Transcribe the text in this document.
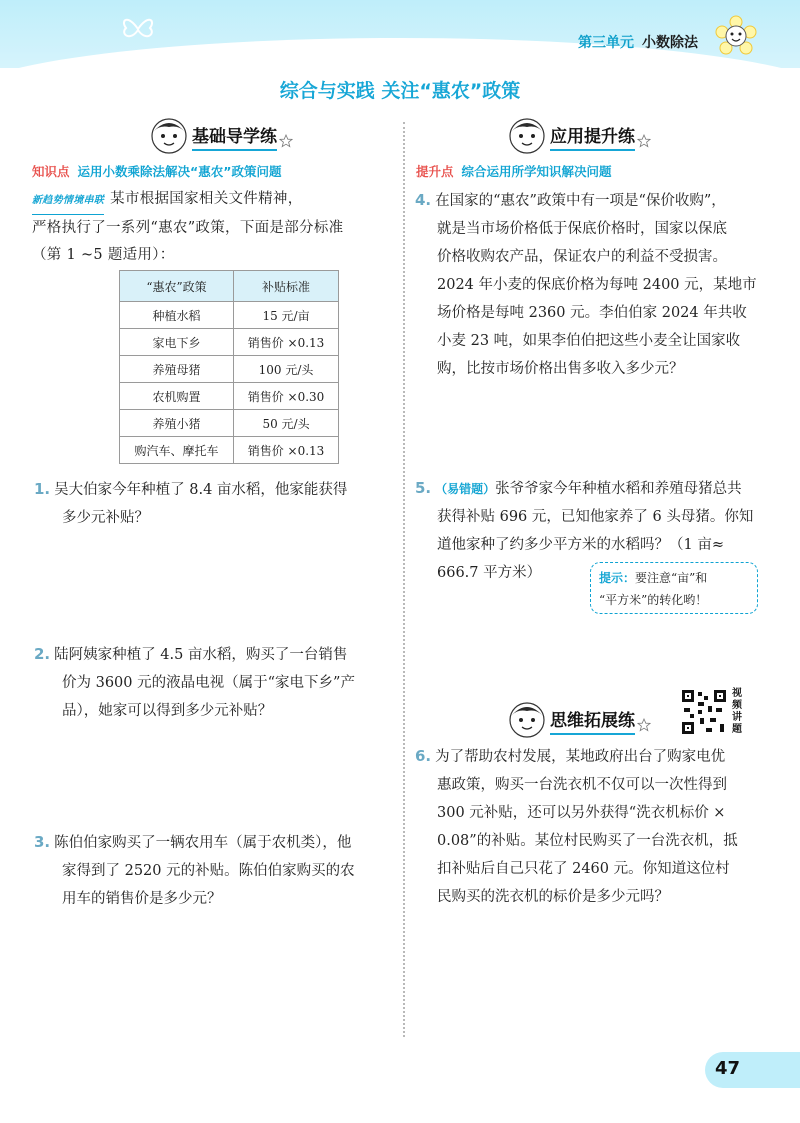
第三单元 小数除法
综合与实践 关注“惠农”政策
基础导学练
知识点 运用小数乘除法解决“惠农”政策问题
新趋势情境串联 某市根据国家相关文件精神，
严格执行了一系列“惠农”政策，下面是部分标准
（第 1 ~5 题适用）：
“惠农”政策	补贴标准
种植水稻	15 元/亩
家电下乡	销售价 ×0.13
养殖母猪	100 元/头
农机购置	销售价 ×0.30
养殖小猪	50 元/头
购汽车、摩托车	销售价 ×0.13
1. 吴大伯家今年种植了 8.4 亩水稻，他家能获得
多少元补贴？
2. 陆阿姨家种植了 4.5 亩水稻，购买了一台销售
价为 3600 元的液晶电视（属于“家电下乡”产
品），她家可以得到多少元补贴？
3. 陈伯伯家购买了一辆农用车（属于农机类），他
家得到了 2520 元的补贴。陈伯伯家购买的农
用车的销售价是多少元？
应用提升练
提升点 综合运用所学知识解决问题
4. 在国家的“惠农”政策中有一项是“保价收购”，
就是当市场价格低于保底价格时，国家以保底
价格收购农产品，保证农户的利益不受损害。
2024 年小麦的保底价格为每吨 2400 元，某地市
场价格是每吨 2360 元。李伯伯家 2024 年共收
小麦 23 吨，如果李伯伯把这些小麦全让国家收
购，比按市场价格出售多收入多少元？
5. （易错题）张爷爷家今年种植水稻和养殖母猪总共
获得补贴 696 元，已知他家养了 6 头母猪。你知
道他家种了约多少平方米的水稻吗？（1 亩≈
666.7 平方米）	提示：要注意“亩”和
“平方米”的转化哟！
思维拓展练
视频讲题
6. 为了帮助农村发展，某地政府出台了购家电优
惠政策，购买一台洗衣机不仅可以一次性得到
300 元补贴，还可以另外获得“洗衣机标价 ×
0.08”的补贴。某位村民购买了一台洗衣机，抵
扣补贴后自己只花了 2460 元。你知道这位村
民购买的洗衣机的标价是多少元吗？
47
